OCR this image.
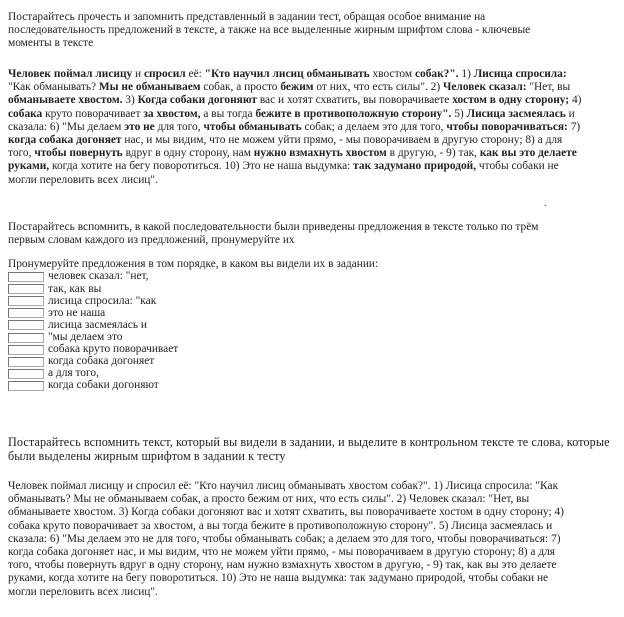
Постарайтесь прочесть и запомнить представленный в задании тест, обращая особое внимание на последовательность предложений в тексте, а также на все выделенные жирным шрифтом слова - ключевые моменты в тексте

Человек поймал лисицу и спросил её: "Кто научил лисиц обманывать хвостом собак?". 1) Лисица спросила: "Как обманывать? Мы не обманываем собак, а просто бежим от них, что есть силы". 2) Человек сказал: "Нет, вы обманываете хвостом. 3) Когда собаки догоняют вас и хотят схватить, вы поворачиваете хостом в одну сторону; 4) собака круто поворачивает за хвостом, а вы тогда бежите в противоположную сторону". 5) Лисица засмеялась и сказала: 6) "Мы делаем это не для того, чтобы обманывать собак; а делаем это для того, чтобы поворачиваться: 7) когда собака догоняет нас, и мы видим, что не можем уйти прямо, - мы поворачиваем в другую сторону; 8) а для того, чтобы повернуть вдруг в одну сторону, нам нужно взмахнуть хвостом в другую, - 9) так, как вы это делаете руками, когда хотите на бегу поворотиться. 10) Это не наша выдумка: так задумано природой, чтобы собаки не могли переловить всех лисиц".

.

Постарайтесь вспомнить, в какой последовательности были приведены предложения в тексте только по трём первым словам каждого из предложений, пронумеруйте их

Пронумеруйте предложения в том порядке, в каком вы видели их в задании:

человек сказал: "нет,
так, как вы
лисица спросила: "как
это не наша
лисица засмеялась и
"мы делаем это
собака круто поворачивает
когда собака догоняет
а для того,
когда собаки догоняют

Постарайтесь вспомнить текст, который вы видели в задании, и выделите в контрольном тексте те слова, которые были выделены жирным шрифтом в задании к тесту

Человек поймал лисицу и спросил её: "Кто научил лисиц обманывать хвостом собак?". 1) Лисица спросила: "Как обманывать? Мы не обманываем собак, а просто бежим от них, что есть силы". 2) Человек сказал: "Нет, вы обманываете хвостом. 3) Когда собаки догоняют вас и хотят схватить, вы поворачиваете хостом в одну сторону; 4) собака круто поворачивает за хвостом, а вы тогда бежите в противоположную сторону". 5) Лисица засмеялась и сказала: 6) "Мы делаем это не для того, чтобы обманывать собак; а делаем это для того, чтобы поворачиваться: 7) когда собака догоняет нас, и мы видим, что не можем уйти прямо, - мы поворачиваем в другую сторону; 8) а для того, чтобы повернуть вдруг в одну сторону, нам нужно взмахнуть хвостом в другую, - 9) так, как вы это делаете руками, когда хотите на бегу поворотиться. 10) Это не наша выдумка: так задумано природой, чтобы собаки не могли переловить всех лисиц".
